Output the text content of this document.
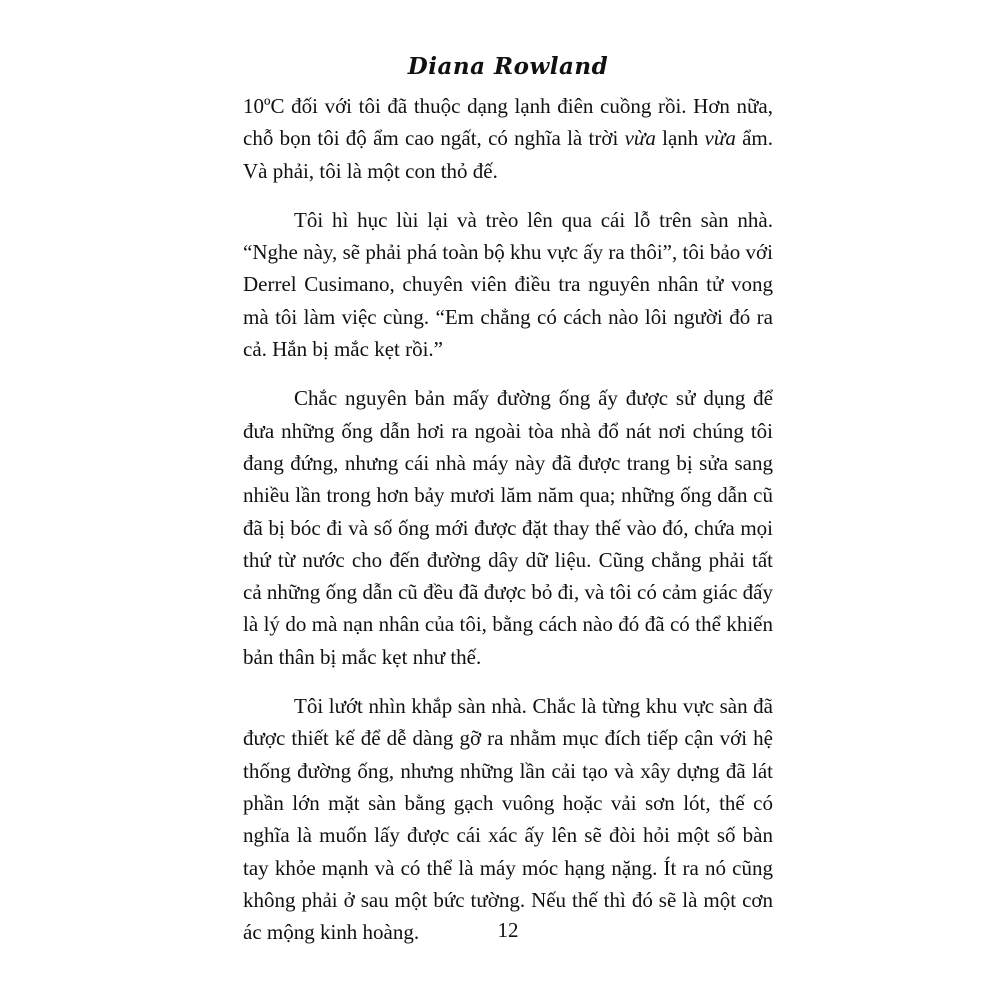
Diana Rowland

10ºC đối với tôi đã thuộc dạng lạnh điên cuồng rồi. Hơn nữa, chỗ bọn tôi độ ẩm cao ngất, có nghĩa là trời vừa lạnh vừa ẩm. Và phải, tôi là một con thỏ đế.

Tôi hì hục lùi lại và trèo lên qua cái lỗ trên sàn nhà. “Nghe này, sẽ phải phá toàn bộ khu vực ấy ra thôi”, tôi bảo với Derrel Cusimano, chuyên viên điều tra nguyên nhân tử vong mà tôi làm việc cùng. “Em chẳng có cách nào lôi người đó ra cả. Hắn bị mắc kẹt rồi.”

Chắc nguyên bản mấy đường ống ấy được sử dụng để đưa những ống dẫn hơi ra ngoài tòa nhà đổ nát nơi chúng tôi đang đứng, nhưng cái nhà máy này đã được trang bị sửa sang nhiều lần trong hơn bảy mươi lăm năm qua; những ống dẫn cũ đã bị bóc đi và số ống mới được đặt thay thế vào đó, chứa mọi thứ từ nước cho đến đường dây dữ liệu. Cũng chẳng phải tất cả những ống dẫn cũ đều đã được bỏ đi, và tôi có cảm giác đấy là lý do mà nạn nhân của tôi, bằng cách nào đó đã có thể khiến bản thân bị mắc kẹt như thế.

Tôi lướt nhìn khắp sàn nhà. Chắc là từng khu vực sàn đã được thiết kế để dễ dàng gỡ ra nhằm mục đích tiếp cận với hệ thống đường ống, nhưng những lần cải tạo và xây dựng đã lát phần lớn mặt sàn bằng gạch vuông hoặc vải sơn lót, thế có nghĩa là muốn lấy được cái xác ấy lên sẽ đòi hỏi một số bàn tay khỏe mạnh và có thể là máy móc hạng nặng. Ít ra nó cũng không phải ở sau một bức tường. Nếu thế thì đó sẽ là một cơn ác mộng kinh hoàng.	12
